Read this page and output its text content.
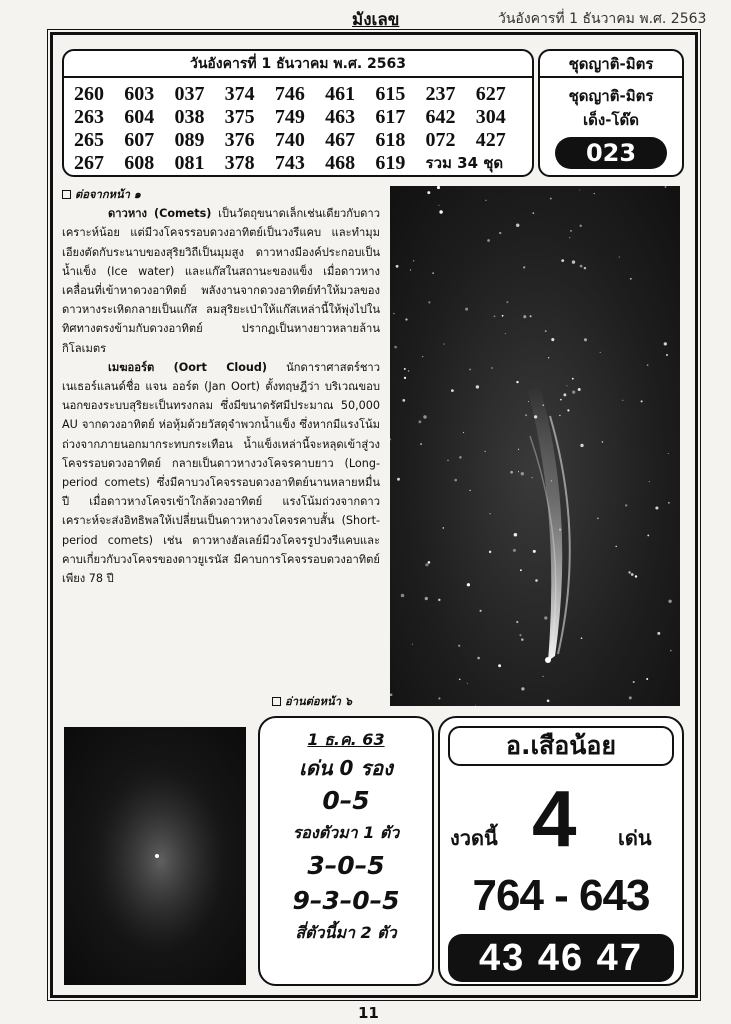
มังเลข	วันอังคารที่ 1 ธันวาคม พ.ศ. 2563
วันอังคารที่ 1 ธันวาคม พ.ศ. 2563
260	603	037	374	746	461	615	237	627
263	604	038	375	749	463	617	642	304
265	607	089	376	740	467	618	072	427
267	608	081	378	743	468	619	รวม 34 ชุด
ชุดญาติ-มิตร
ชุดญาติ-มิตร
เด็ง-โด๊ด
023

ต่อจากหน้า ๑

ดาวหาง (Comets) เป็นวัตถุขนาดเล็กเช่นเดียวกับดาวเคราะห์น้อย แต่มีวงโคจรรอบดวงอาทิตย์เป็นวงรีแคบ และทำมุมเอียงตัดกับระนาบของสุริยวิถีเป็นมุมสูง ดาวหางมีองค์ประกอบเป็นน้ำแข็ง (Ice water) และแก๊สในสถานะของแข็ง เมื่อดาวหางเคลื่อนที่เข้าหาดวงอาทิตย์ พลังงานจากดวงอาทิตย์ทำให้มวลของดาวหางระเหิดกลายเป็นแก๊ส ลมสุริยะเป่าให้แก๊สเหล่านี้ให้พุ่งไปในทิศทางตรงข้ามกับดวงอาทิตย์ ปรากฏเป็นหางยาวหลายล้านกิโลเมตร

เมฆออร์ต (Oort Cloud) นักดาราศาสตร์ชาวเนเธอร์แลนด์ชื่อ แจน ออร์ต (Jan Oort) ตั้งทฤษฎีว่า บริเวณขอบนอกของระบบสุริยะเป็นทรงกลม ซึ่งมีขนาดรัศมีประมาณ 50,000 AU จากดวงอาทิตย์ ห่อหุ้มด้วยวัสดุจำพวกน้ำแข็ง ซึ่งหากมีแรงโน้มถ่วงจากภายนอกมากระทบกระเทือน น้ำแข็งเหล่านี้จะหลุดเข้าสู่วงโคจรรอบดวงอาทิตย์ กลายเป็นดาวหางวงโคจรคาบยาว (Long-period comets) ซึ่งมีคาบวงโคจรรอบดวงอาทิตย์นานหลายหมื่นปี เมื่อดาวหางโคจรเข้าใกล้ดวงอาทิตย์ แรงโน้มถ่วงจากดาวเคราะห์จะส่งอิทธิพลให้เปลี่ยนเป็นดาวหางวงโคจรคาบสั้น (Short-period comets) เช่น ดาวหางฮัลเลย์มีวงโคจรรูปวงรีแคบและคาบเกี่ยวกับวงโคจรของดาวยูเรนัส มีคาบการโคจรรอบดวงอาทิตย์เพียง 78 ปี

อ่านต่อหน้า ๖
1 ธ.ค. 63
เด่น 0 รอง
0–5
รองตัวมา 1 ตัว
3–0–5
9–3–0–5
สี่ตัวนี้มา 2 ตัว
อ.เสือน้อย
งวดนี้ 4 เด่น
764 - 643
43 46 47
11
